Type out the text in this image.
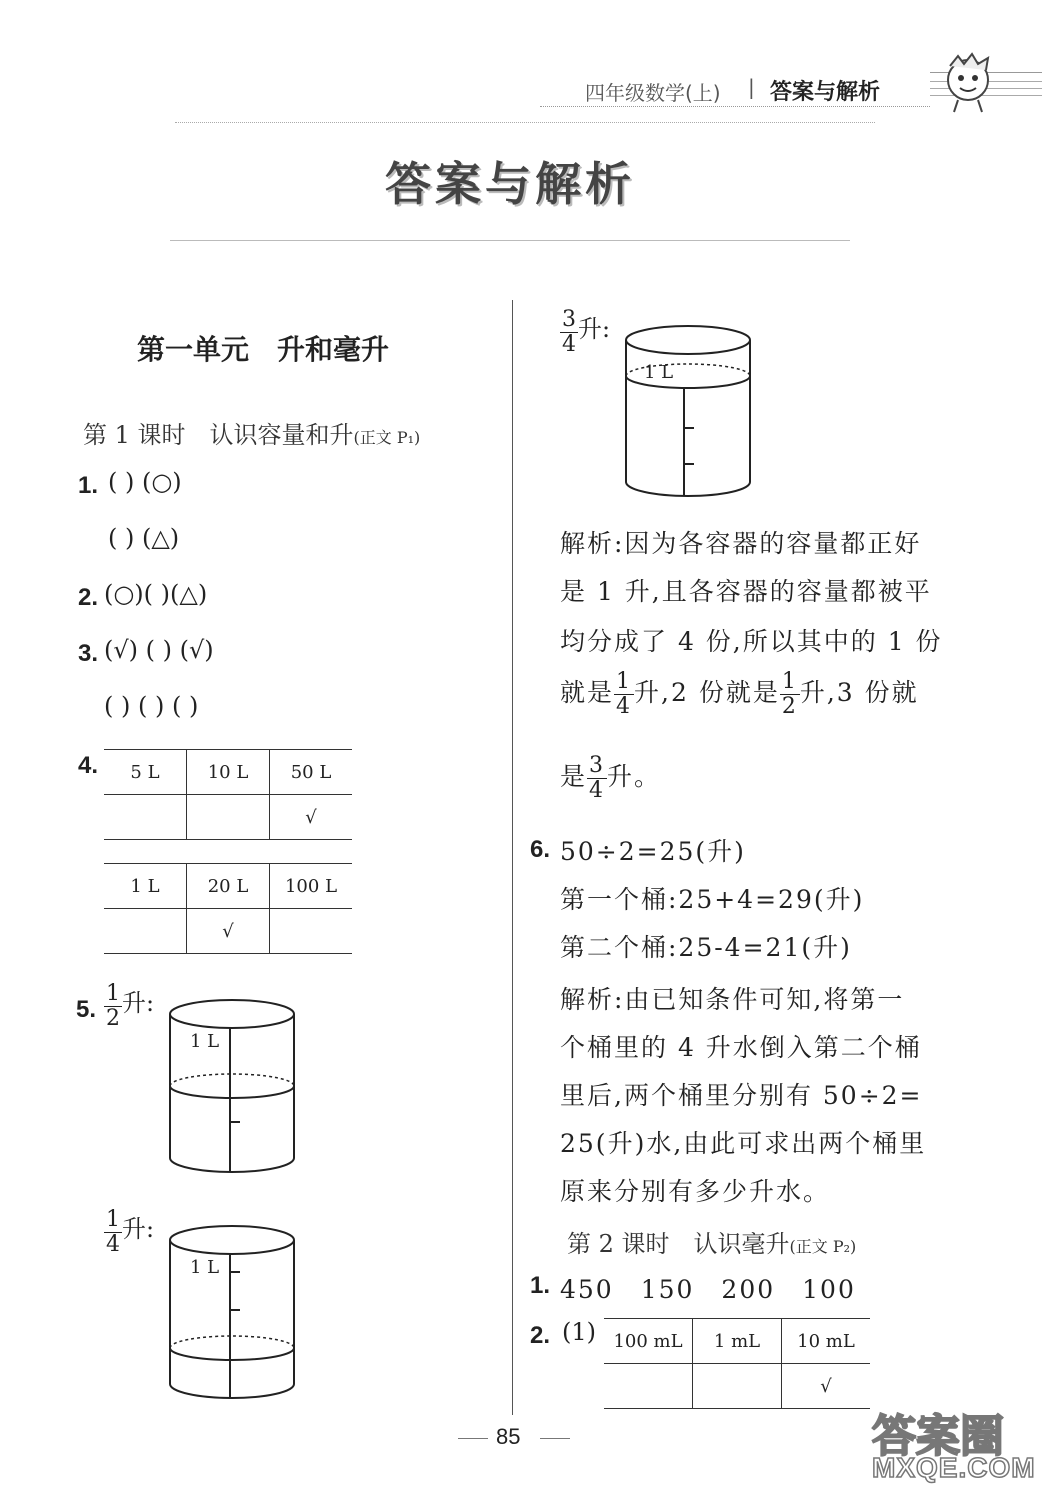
四年级数学(上) | 答案与解析
答案与解析
第一单元　升和毫升
第 1 课时　认识容量和升(正文 P₁)
1. ( ) (○)
( ) (△)
2. (○)( )(△)
3. (√) ( ) (√)
( ) ( ) ( )
4. 5 L	10 L	50 L
		√
1 L	20 L	100 L
	√	
5. $\frac{1}{2}$ 升:
1 L
$\frac{1}{4}$ 升:
1 L
$\frac{3}{4}$ 升:
1 L
解析:因为各容器的容量都正好
是 1 升,且各容器的容量都被平
均分成了 4 份,所以其中的 1 份
就是 $\frac{1}{4}$ 升,2 份就是 $\frac{1}{2}$ 升,3 份就
是 $\frac{3}{4}$ 升。
6. 50÷2=25(升)
第一个桶:25+4=29(升)
第二个桶:25-4=21(升)
解析:由已知条件可知,将第一
个桶里的 4 升水倒入第二个桶
里后,两个桶里分别有 50÷2=
25(升)水,由此可求出两个桶里
原来分别有多少升水。
第 2 课时　认识毫升(正文 P₂)
1. 450　150　200　100
2. (1) 100 mL	1 mL	10 mL
		√
85	答案圈
MXQE.COM
